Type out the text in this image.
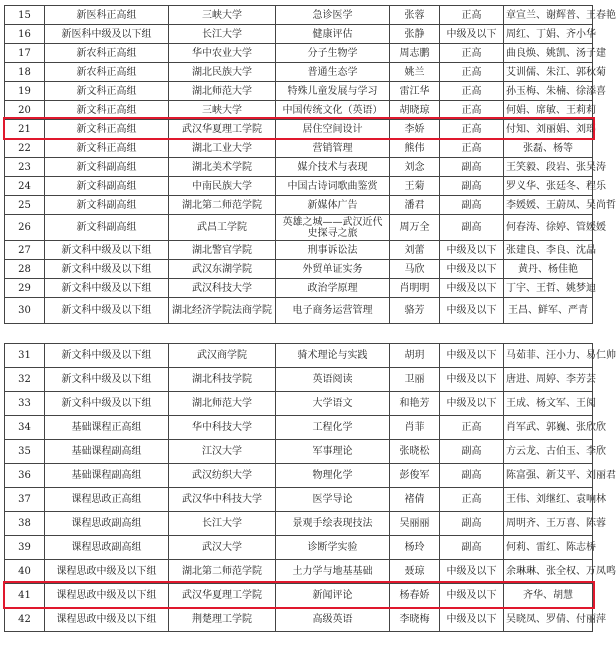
15	新医科正高组	三峡大学	急诊医学	张蓉	正高	章宣兰、谢辉普、王春艳
16	新医科中级及以下组	长江大学	健康评估	张静	中级及以下	周红、丁娟、齐小华
17	新农科正高组	华中农业大学	分子生物学	周志鹏	正高	曲良焕、姚凯、汤子建
18	新农科正高组	湖北民族大学	普通生态学	姚兰	正高	艾训儒、朱江、郭秋菊
19	新文科正高组	湖北师范大学	特殊儿童发展与学习	雷江华	正高	孙玉梅、朱楠、徐添喜
20	新文科正高组	三峡大学	中国传统文化（英语）	胡晓琼	正高	何娟、席敏、王莉莉
21	新文科正高组	武汉华夏理工学院	居住空间设计	李娇	正高	付知、刘丽娟、刘瑶
22	新文科正高组	湖北工业大学	营销管理	熊伟	正高	张磊、杨等
23	新文科副高组	湖北美术学院	媒介技术与表现	刘念	副高	王笑毅、段岩、张吴涛
24	新文科副高组	中南民族大学	中国古诗词歌曲鉴赏	王菊	副高	罗义华、张廷冬、程乐
25	新文科副高组	湖北第二师范学院	新媒体广告	潘君	副高	李媛媛、王蔚凤、吴尚哲
26	新文科副高组	武昌工学院	英雄之城——武汉近代史探寻之旅	周万全	副高	何春涛、徐婷、管媛媛
27	新文科中级及以下组	湖北警官学院	刑事诉讼法	刘蕾	中级及以下	张建良、李良、沈晶
28	新文科中级及以下组	武汉东湖学院	外贸单证实务	马欣	中级及以下	黄丹、杨佳艳
29	新文科中级及以下组	武汉科技大学	政治学原理	肖明明	中级及以下	丁宇、王哲、姚梦迪
30	新文科中级及以下组	湖北经济学院法商学院	电子商务运营管理	骆芳	中级及以下	王昌、鲜军、严青
31	新文科中级及以下组	武汉商学院	骑术理论与实践	胡玥	中级及以下	马茹菲、汪小力、易仁帅
32	新文科中级及以下组	湖北科技学院	英语阅读	卫丽	中级及以下	唐进、周婷、李芳芸
33	新文科中级及以下组	湖北师范大学	大学语文	和艳芳	中级及以下	王成、杨文军、王阅
34	基础课程正高组	华中科技大学	工程化学	肖菲	正高	肖军武、郭巍、张欣欣
35	基础课程副高组	江汉大学	军事理论	张晓松	副高	方云龙、古伯玉、李欣
36	基础课程副高组	武汉纺织大学	物理化学	彭俊军	副高	陈富强、新艾平、刘丽君
37	课程思政正高组	武汉华中科技大学	医学导论	褚倩	正高	王伟、刘继红、袁响林
38	课程思政副高组	长江大学	景观手绘表现技法	吴丽丽	副高	周明齐、王万喜、陈蓉
39	课程思政副高组	武汉大学	诊断学实验	杨玲	副高	何莉、雷红、陈志桥
40	课程思政中级及以下组	湖北第二师范学院	土力学与地基基础	聂琼	中级及以下	余琳琳、张全权、万凤鸣
41	课程思政中级及以下组	武汉华夏理工学院	新闻评论	杨春娇	中级及以下	齐华、胡慧
42	课程思政中级及以下组	荆楚理工学院	高级英语	李晓梅	中级及以下	吴晓凤、罗倩、付丽萍
